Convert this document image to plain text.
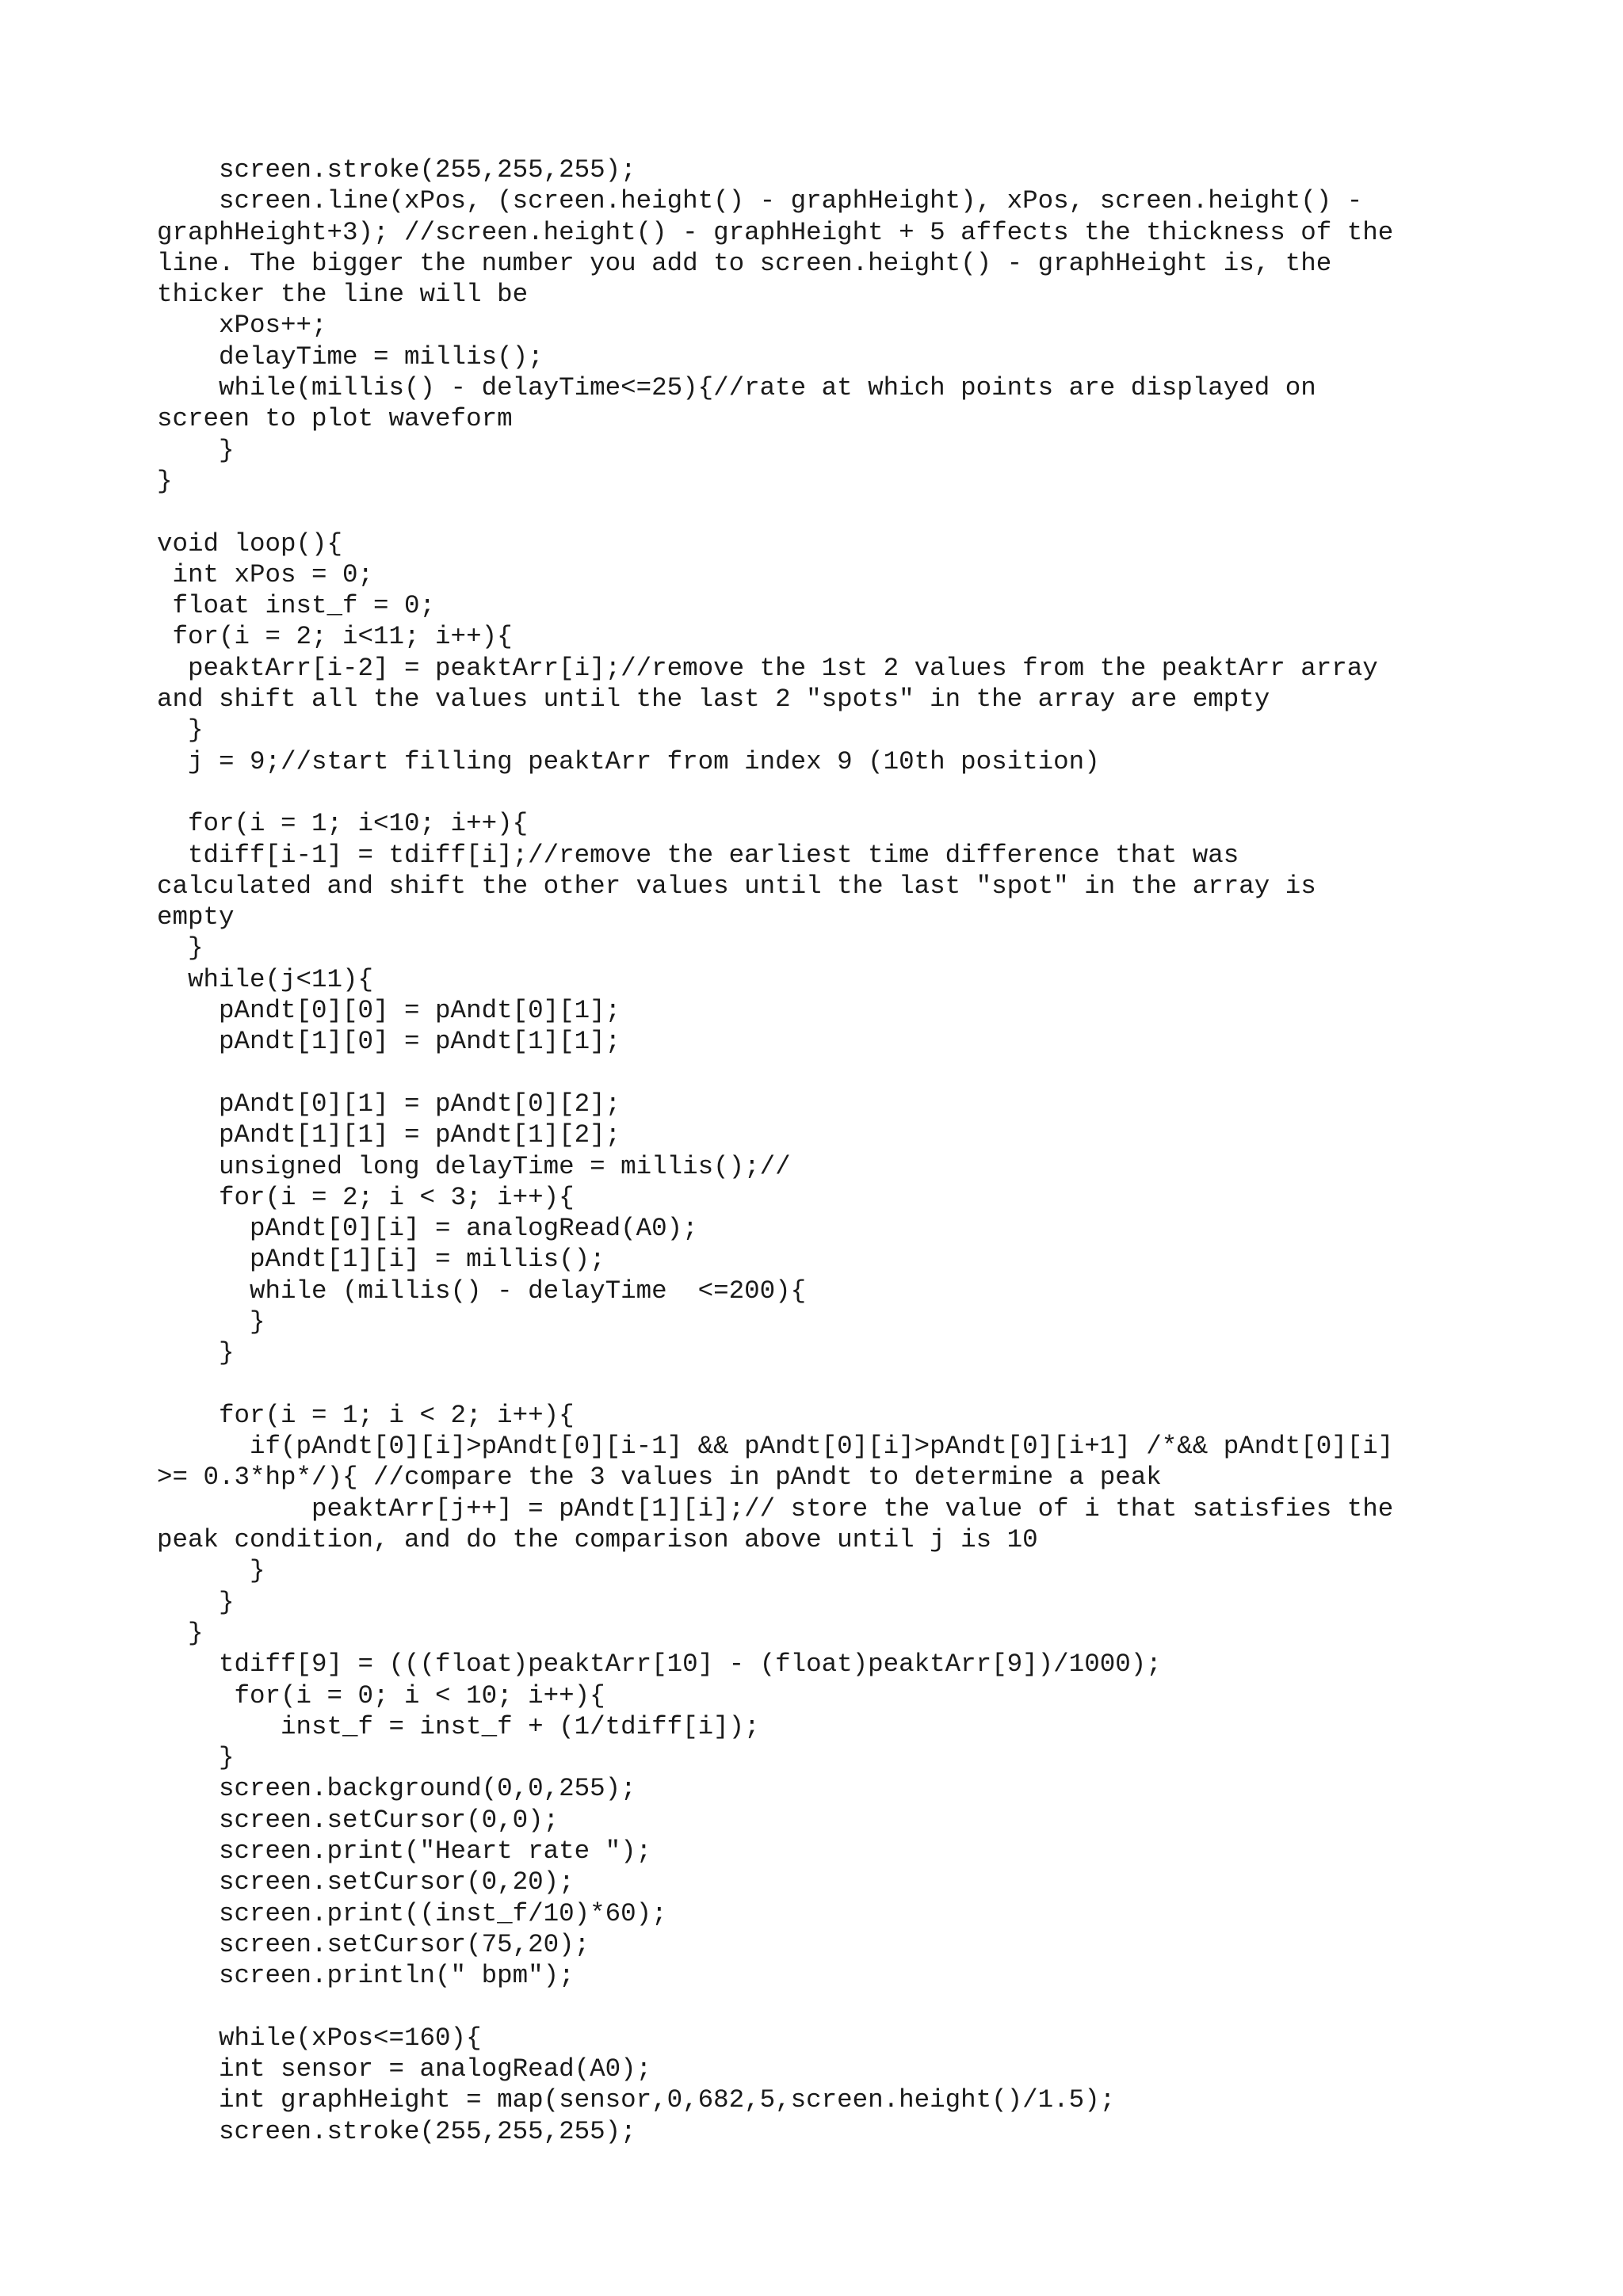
screen.stroke(255,255,255);
screen.line(xPos, (screen.height() - graphHeight), xPos, screen.height() -
graphHeight+3); //screen.height() - graphHeight + 5 affects the thickness of the
line. The bigger the number you add to screen.height() - graphHeight is, the
thicker the line will be
xPos++;
delayTime = millis();
while(millis() - delayTime<=25){//rate at which points are displayed on
screen to plot waveform
}
}
void loop(){
int xPos = 0;
float inst_f = 0;
for(i = 2; i<11; i++){
peaktArr[i-2] = peaktArr[i];//remove the 1st 2 values from the peaktArr array
and shift all the values until the last 2 "spots" in the array are empty
}
j = 9;//start filling peaktArr from index 9 (10th position)
for(i = 1; i<10; i++){
tdiff[i-1] = tdiff[i];//remove the earliest time difference that was
calculated and shift the other values until the last "spot" in the array is
empty
}
while(j<11){
pAndt[0][0] = pAndt[0][1];
pAndt[1][0] = pAndt[1][1];
pAndt[0][1] = pAndt[0][2];
pAndt[1][1] = pAndt[1][2];
unsigned long delayTime = millis();//
for(i = 2; i < 3; i++){
pAndt[0][i] = analogRead(A0);
pAndt[1][i] = millis();
while (millis() - delayTime  <=200){
}
}
for(i = 1; i < 2; i++){
if(pAndt[0][i]>pAndt[0][i-1] && pAndt[0][i]>pAndt[0][i+1] /*&& pAndt[0][i]
>= 0.3*hp*/){ //compare the 3 values in pAndt to determine a peak
peaktArr[j++] = pAndt[1][i];// store the value of i that satisfies the
peak condition, and do the comparison above until j is 10
}
}
}
tdiff[9] = (((float)peaktArr[10] - (float)peaktArr[9])/1000);
for(i = 0; i < 10; i++){
inst_f = inst_f + (1/tdiff[i]);
}
screen.background(0,0,255);
screen.setCursor(0,0);
screen.print("Heart rate ");
screen.setCursor(0,20);
screen.print((inst_f/10)*60);
screen.setCursor(75,20);
screen.println(" bpm");
while(xPos<=160){
int sensor = analogRead(A0);
int graphHeight = map(sensor,0,682,5,screen.height()/1.5);
screen.stroke(255,255,255);
